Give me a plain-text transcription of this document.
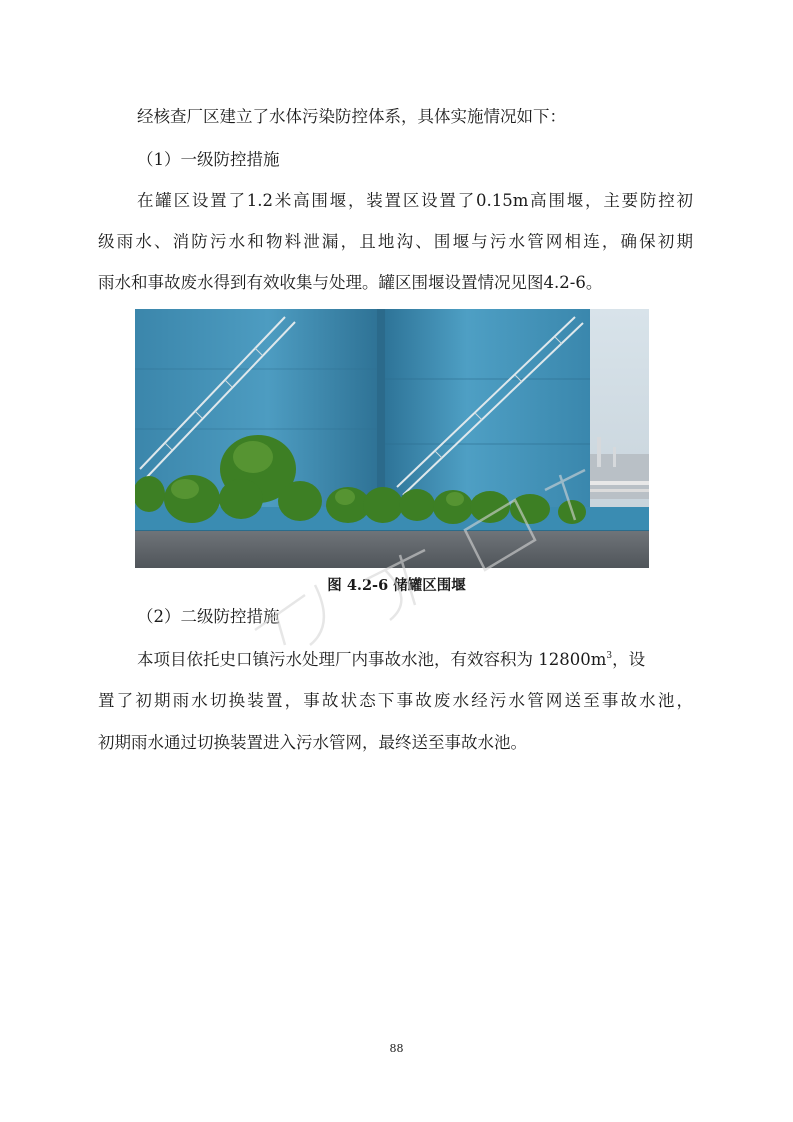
经核查厂区建立了水体污染防控体系，具体实施情况如下：
（1）一级防控措施
在罐区设置了1.2米高围堰，装置区设置了0.15m高围堰，主要防控初
级雨水、消防污水和物料泄漏，且地沟、围堰与污水管网相连，确保初期
雨水和事故废水得到有效收集与处理。罐区围堰设置情况见图4.2-6。
图 4.2-6 储罐区围堰
（2）二级防控措施
本项目依托史口镇污水处理厂内事故水池，有效容积为 $12800m^3$，设
置了初期雨水切换装置，事故状态下事故废水经污水管网送至事故水池，
初期雨水通过切换装置进入污水管网，最终送至事故水池。
88
